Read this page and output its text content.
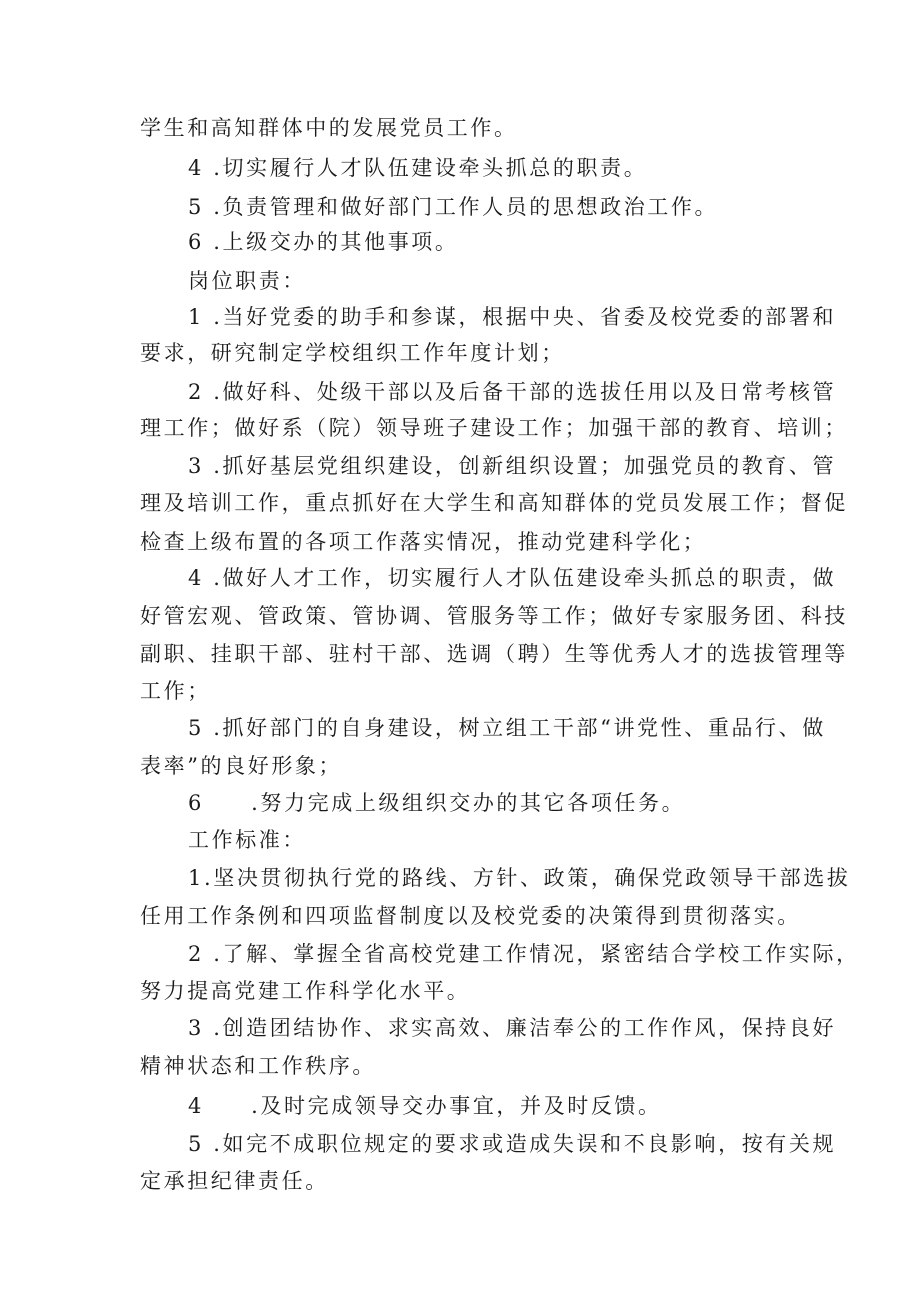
学生和高知群体中的发展党员工作。
4 .切实履行人才队伍建设牵头抓总的职责。
5 .负责管理和做好部门工作人员的思想政治工作。
6 .上级交办的其他事项。
岗位职责：
1 .当好党委的助手和参谋，根据中央、省委及校党委的部署和
要求，研究制定学校组织工作年度计划；
2 .做好科、处级干部以及后备干部的选拔任用以及日常考核管
理工作；做好系（院）领导班子建设工作；加强干部的教育、培训；
3 .抓好基层党组织建设，创新组织设置；加强党员的教育、管
理及培训工作，重点抓好在大学生和高知群体的党员发展工作；督促
检查上级布置的各项工作落实情况，推动党建科学化；
4 .做好人才工作，切实履行人才队伍建设牵头抓总的职责，做
好管宏观、管政策、管协调、管服务等工作；做好专家服务团、科技
副职、挂职干部、驻村干部、选调（聘）生等优秀人才的选拔管理等
工作；
5 .抓好部门的自身建设，树立组工干部“讲党性、重品行、做
表率”的良好形象；
6　　.努力完成上级组织交办的其它各项任务。
工作标准：
1.坚决贯彻执行党的路线、方针、政策，确保党政领导干部选拔
任用工作条例和四项监督制度以及校党委的决策得到贯彻落实。
2 .了解、掌握全省高校党建工作情况，紧密结合学校工作实际，
努力提高党建工作科学化水平。
3 .创造团结协作、求实高效、廉洁奉公的工作作风，保持良好
精神状态和工作秩序。
4　　.及时完成领导交办事宜，并及时反馈。
5 .如完不成职位规定的要求或造成失误和不良影响，按有关规
定承担纪律责任。
